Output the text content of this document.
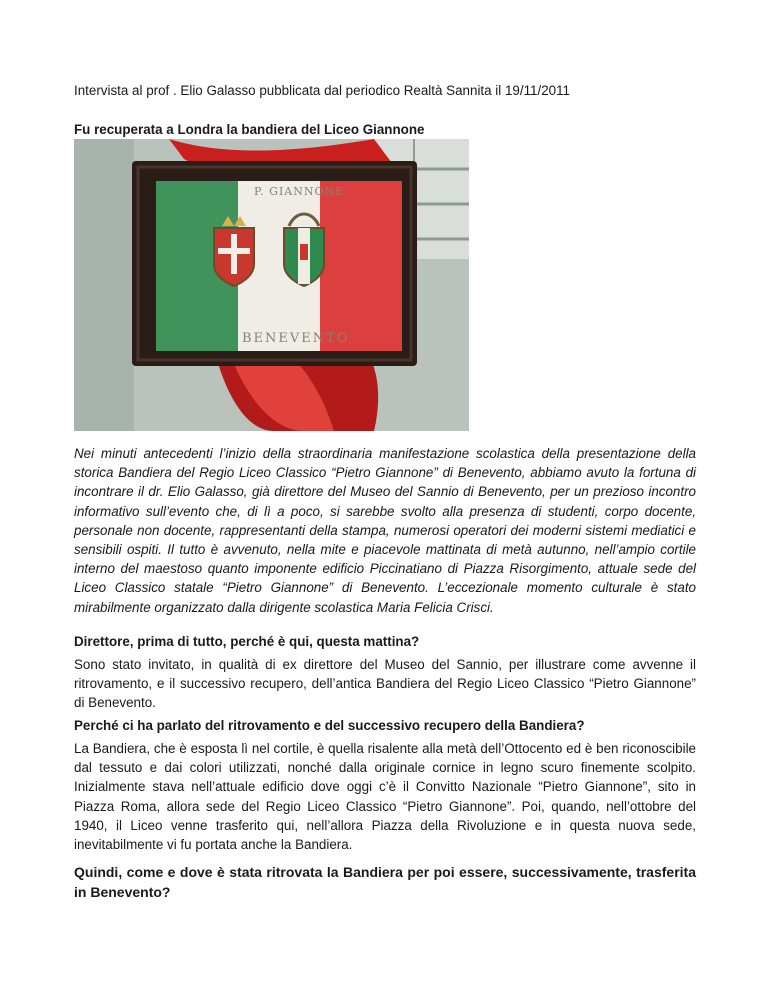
Intervista al prof . Elio Galasso pubblicata dal periodico Realtà Sannita il 19/11/2011
Fu recuperata a Londra la bandiera del Liceo Giannone
P. GIANNONE
BENEVENTO

Nei minuti antecedenti l’inizio della straordinaria manifestazione scolastica della presentazione della storica Bandiera del Regio Liceo Classico “Pietro Giannone” di Benevento, abbiamo avuto la fortuna di incontrare il dr. Elio Galasso, già direttore del Museo del Sannio di Benevento, per un prezioso incontro informativo sull’evento che, di lì a poco, si sarebbe svolto alla presenza di studenti, corpo docente, personale non docente, rappresentanti della stampa, numerosi operatori dei moderni sistemi mediatici e sensibili ospiti. Il tutto è avvenuto, nella mite e piacevole mattinata di metà autunno, nell’ampio cortile interno del maestoso quanto imponente edificio Piccinatiano di Piazza Risorgimento, attuale sede del Liceo Classico statale “Pietro Giannone” di Benevento. L’eccezionale momento culturale è stato mirabilmente organizzato dalla dirigente scolastica Maria Felicia Crisci.

Direttore, prima di tutto, perché è qui, questa mattina?

Sono stato invitato, in qualità di ex direttore del Museo del Sannio, per illustrare come avvenne il ritrovamento, e il successivo recupero, dell’antica Bandiera del Regio Liceo Classico “Pietro Giannone” di Benevento.

Perché ci ha parlato del ritrovamento e del successivo recupero della Bandiera?

La Bandiera, che è esposta lì nel cortile, è quella risalente alla metà dell’Ottocento ed è ben riconoscibile dal tessuto e dai colori utilizzati, nonché dalla originale cornice in legno scuro finemente scolpito. Inizialmente stava nell’attuale edificio dove oggi c’è il Convitto Nazionale “Pietro Giannone”, sito in Piazza Roma, allora sede del Regio Liceo Classico “Pietro Giannone”. Poi, quando, nell’ottobre del 1940, il Liceo venne trasferito qui, nell’allora Piazza della Rivoluzione e in questa nuova sede, inevitabilmente vi fu portata anche la Bandiera.

Quindi, come e dove è stata ritrovata la Bandiera per poi essere, successivamente, trasferita in Benevento?
